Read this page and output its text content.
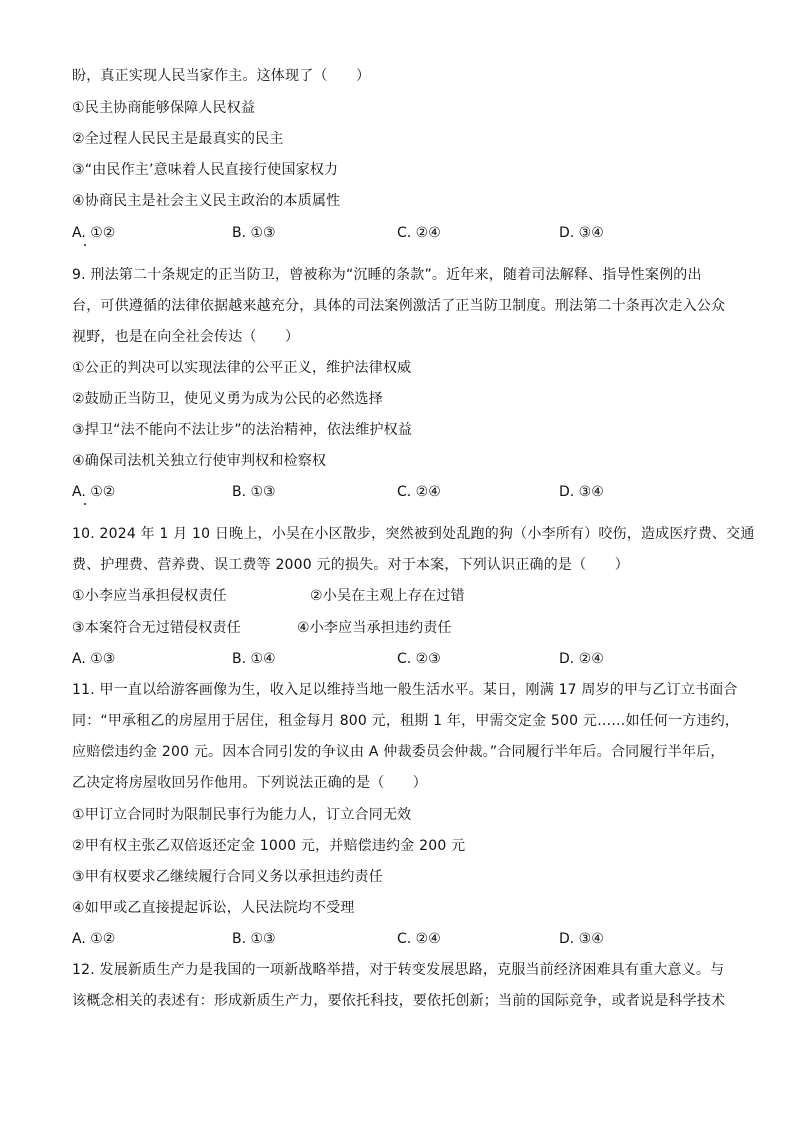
盼，真正实现人民当家作主。这体现了（　　）
①民主协商能够保障人民权益
②全过程人民民主是最真实的民主
③“由民作主’意味着人民直接行使国家权力
④协商民主是社会主义民主政治的本质属性
A. ①②	B. ①③	C. ②④	D. ③④
9. 刑法第二十条规定的正当防卫，曾被称为“沉睡的条款”。近年来，随着司法解释、指导性案例的出
台，可供遵循的法律依据越来越充分，具体的司法案例激活了正当防卫制度。刑法第二十条再次走入公众
视野，也是在向全社会传达（　　）
①公正的判决可以实现法律的公平正义，维护法律权威
②鼓励正当防卫，使见义勇为成为公民的必然选择
③捍卫“法不能向不法让步”的法治精神，依法维护权益
④确保司法机关独立行使审判权和检察权
A. ①②	B. ①③	C. ②④	D. ③④
10. 2024 年 1 月 10 日晚上，小吴在小区散步，突然被到处乱跑的狗（小李所有）咬伤，造成医疗费、交通
费、护理费、营养费、误工费等 2000 元的损失。对于本案，下列认识正确的是（　　）
①小李应当承担侵权责任	②小吴在主观上存在过错
③本案符合无过错侵权责任	④小李应当承担违约责任
A. ①③	B. ①④	C. ②③	D. ②④
11. 甲一直以给游客画像为生，收入足以维持当地一般生活水平。某日，刚满 17 周岁的甲与乙订立书面合
同：“甲承租乙的房屋用于居住，租金每月 800 元，租期 1 年，甲需交定金 500 元……如任何一方违约，
应赔偿违约金 200 元。因本合同引发的争议由 A 仲裁委员会仲裁。”合同履行半年后。合同履行半年后，
乙决定将房屋收回另作他用。下列说法正确的是（　　）
①甲订立合同时为限制民事行为能力人，订立合同无效
②甲有权主张乙双倍返还定金 1000 元，并赔偿违约金 200 元
③甲有权要求乙继续履行合同义务以承担违约责任
④如甲或乙直接提起诉讼，人民法院均不受理
A. ①②	B. ①③	C. ②④	D. ③④
12. 发展新质生产力是我国的一项新战略举措，对于转变发展思路，克服当前经济困难具有重大意义。与
该概念相关的表述有：形成新质生产力，要依托科技，要依托创新；当前的国际竞争，或者说是科学技术
